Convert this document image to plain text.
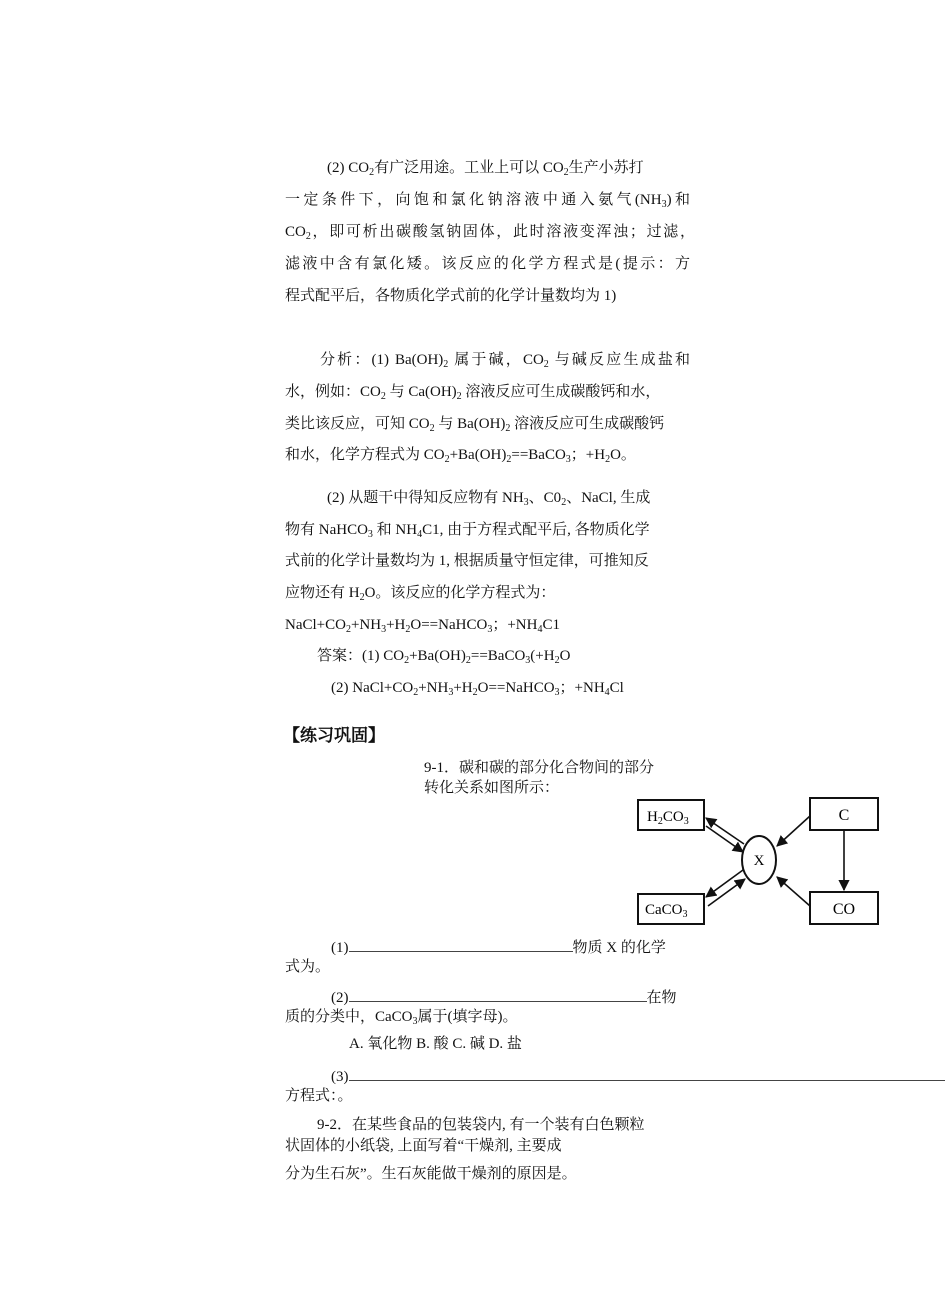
(2) $CO_2$有广泛用途。工业上可以 $CO_2$生产小苏打
一定条件下，向饱和氯化钠溶液中通入氨气$(NH_3)$和
$CO_2$，即可析出碳酸氢钠固体，此时溶液变浑浊；过滤，
滤液中含有氯化矮。该反应的化学方程式是(提示：方
程式配平后，各物质化学式前的化学计量数均为 1)
分析：(1) $Ba(OH)_2$ 属于碱，$CO_2$ 与碱反应生成盐和
水，例如：$CO_2$ 与 $Ca(OH)_2$ 溶液反应可生成碳酸钙和水，
类比该反应，可知 $CO_2$ 与 $Ba(OH)_2$ 溶液反应可生成碳酸钙
和水，化学方程式为 $CO_2+Ba(OH)_2==BaCO_3$；$+H_2O$。
(2) 从题干中得知反应物有 $NH_3$、$C0_2$、NaCl, 生成
物有 NaHCO$_3$ 和 $NH_4C1$, 由于方程式配平后, 各物质化学
式前的化学计量数均为 1, 根据质量守恒定律，可推知反
应物还有 $H_2O$。该反应的化学方程式为：
$NaCl+CO_2+NH_3+H_2O==NaHCO_3$；$+NH_4C1$
答案：(1) $CO_2+Ba(OH)_2==BaCO_3(+H_2O$
(2) $NaCl+CO_2+NH_3+H_2O==NaHCO_3$；$+NH_4Cl$
【练习巩固】
9-1．碳和碳的部分化合物间的部分
转化关系如图所示：
$H_2CO_3$	C
X
CaCO$_3$	CO
(1)	物质 X 的化学
式为。
(2)	在物
质的分类中，CaCO$_3$属于(填字母)。
A. 氧化物 B. 酸 C. 碱 D. 盐
(3)
方程式：。
9-2．在某些食品的包装袋内, 有一个装有白色颗粒
状固体的小纸袋, 上面写着“干燥剂, 主要成
分为生石灰”。生石灰能做干燥剂的原因是。
